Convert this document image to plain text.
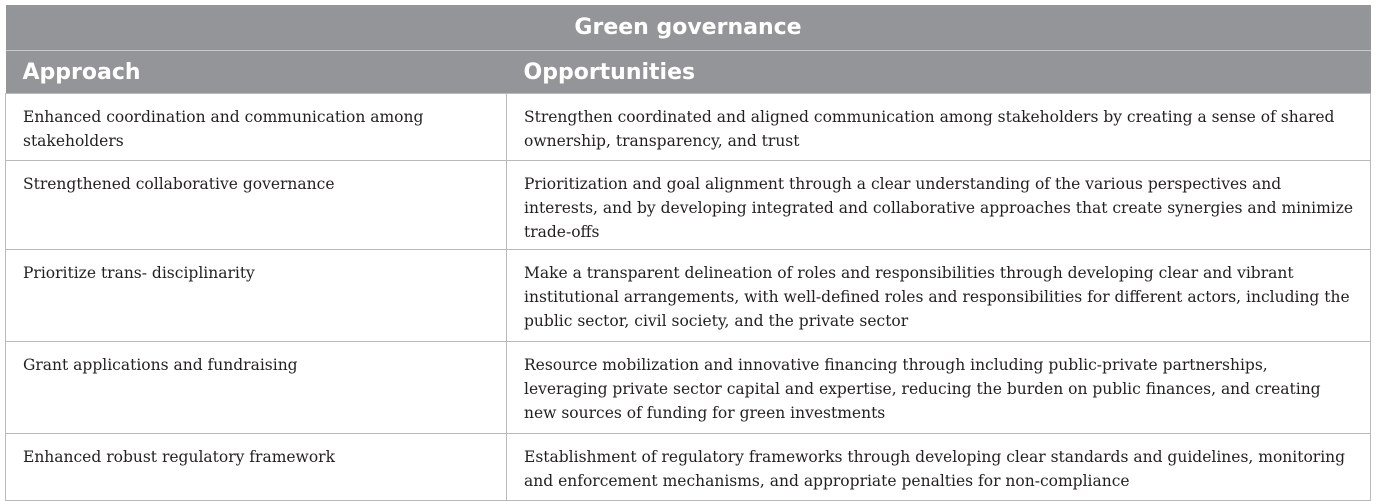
Green governance	
Approach	Opportunities
Enhanced coordination and communication among stakeholders	Strengthen coordinated and aligned communication among stakeholders by creating a sense of shared ownership, transparency, and trust
Strengthened collaborative governance	Prioritization and goal alignment through a clear understanding of the various perspectives and interests, and by developing integrated and collaborative approaches that create synergies and minimize trade-offs
Prioritize trans- disciplinarity	Make a transparent delineation of roles and responsibilities through developing clear and vibrant institutional arrangements, with well-defined roles and responsibilities for different actors, including the public sector, civil society, and the private sector
Grant applications and fundraising	Resource mobilization and innovative financing through including public-private partnerships, leveraging private sector capital and expertise, reducing the burden on public finances, and creating new sources of funding for green investments
Enhanced robust regulatory framework	Establishment of regulatory frameworks through developing clear standards and guidelines, monitoring and enforcement mechanisms, and appropriate penalties for non-compliance
